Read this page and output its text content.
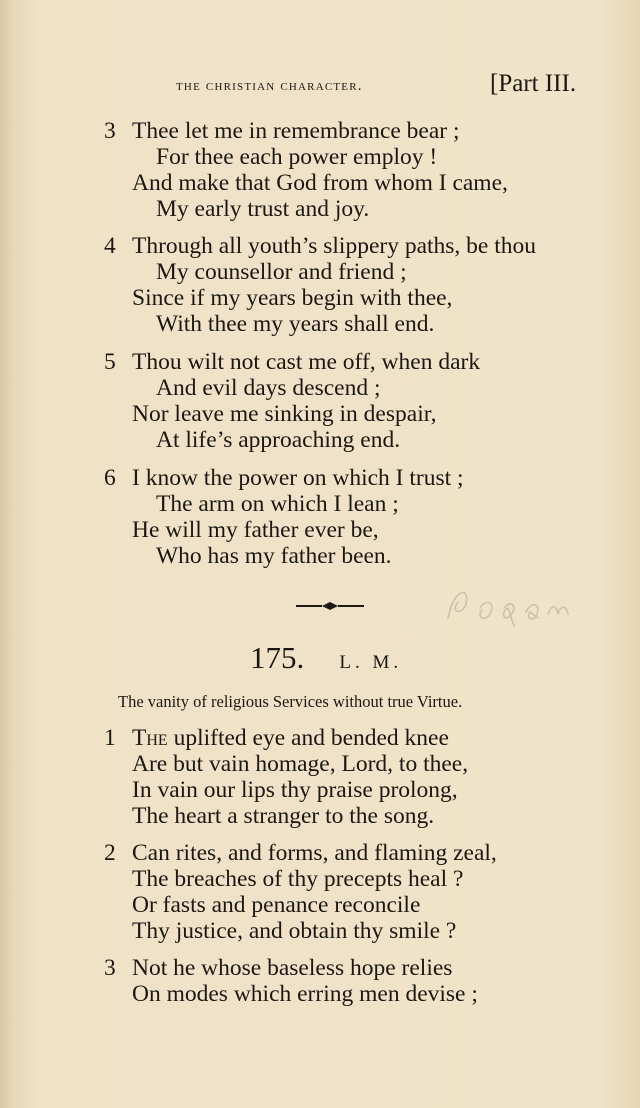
the christian character.	[Part III.
3 Thee let me in remembrance bear ;
For thee each power employ !
And make that God from whom I came,
My early trust and joy.
4 Through all youth’s slippery paths, be thou
My counsellor and friend ;
Since if my years begin with thee,
With thee my years shall end.
5 Thou wilt not cast me off, when dark
And evil days descend ;
Nor leave me sinking in despair,
At life’s approaching end.
6 I know the power on which I trust ;
The arm on which I lean ;
He will my father ever be,
Who has my father been.
175. L. M.
The vanity of religious Services without true Virtue.
1 The uplifted eye and bended knee
Are but vain homage, Lord, to thee,
In vain our lips thy praise prolong,
The heart a stranger to the song.
2 Can rites, and forms, and flaming zeal,
The breaches of thy precepts heal ?
Or fasts and penance reconcile
Thy justice, and obtain thy smile ?
3 Not he whose baseless hope relies
On modes which erring men devise ;
